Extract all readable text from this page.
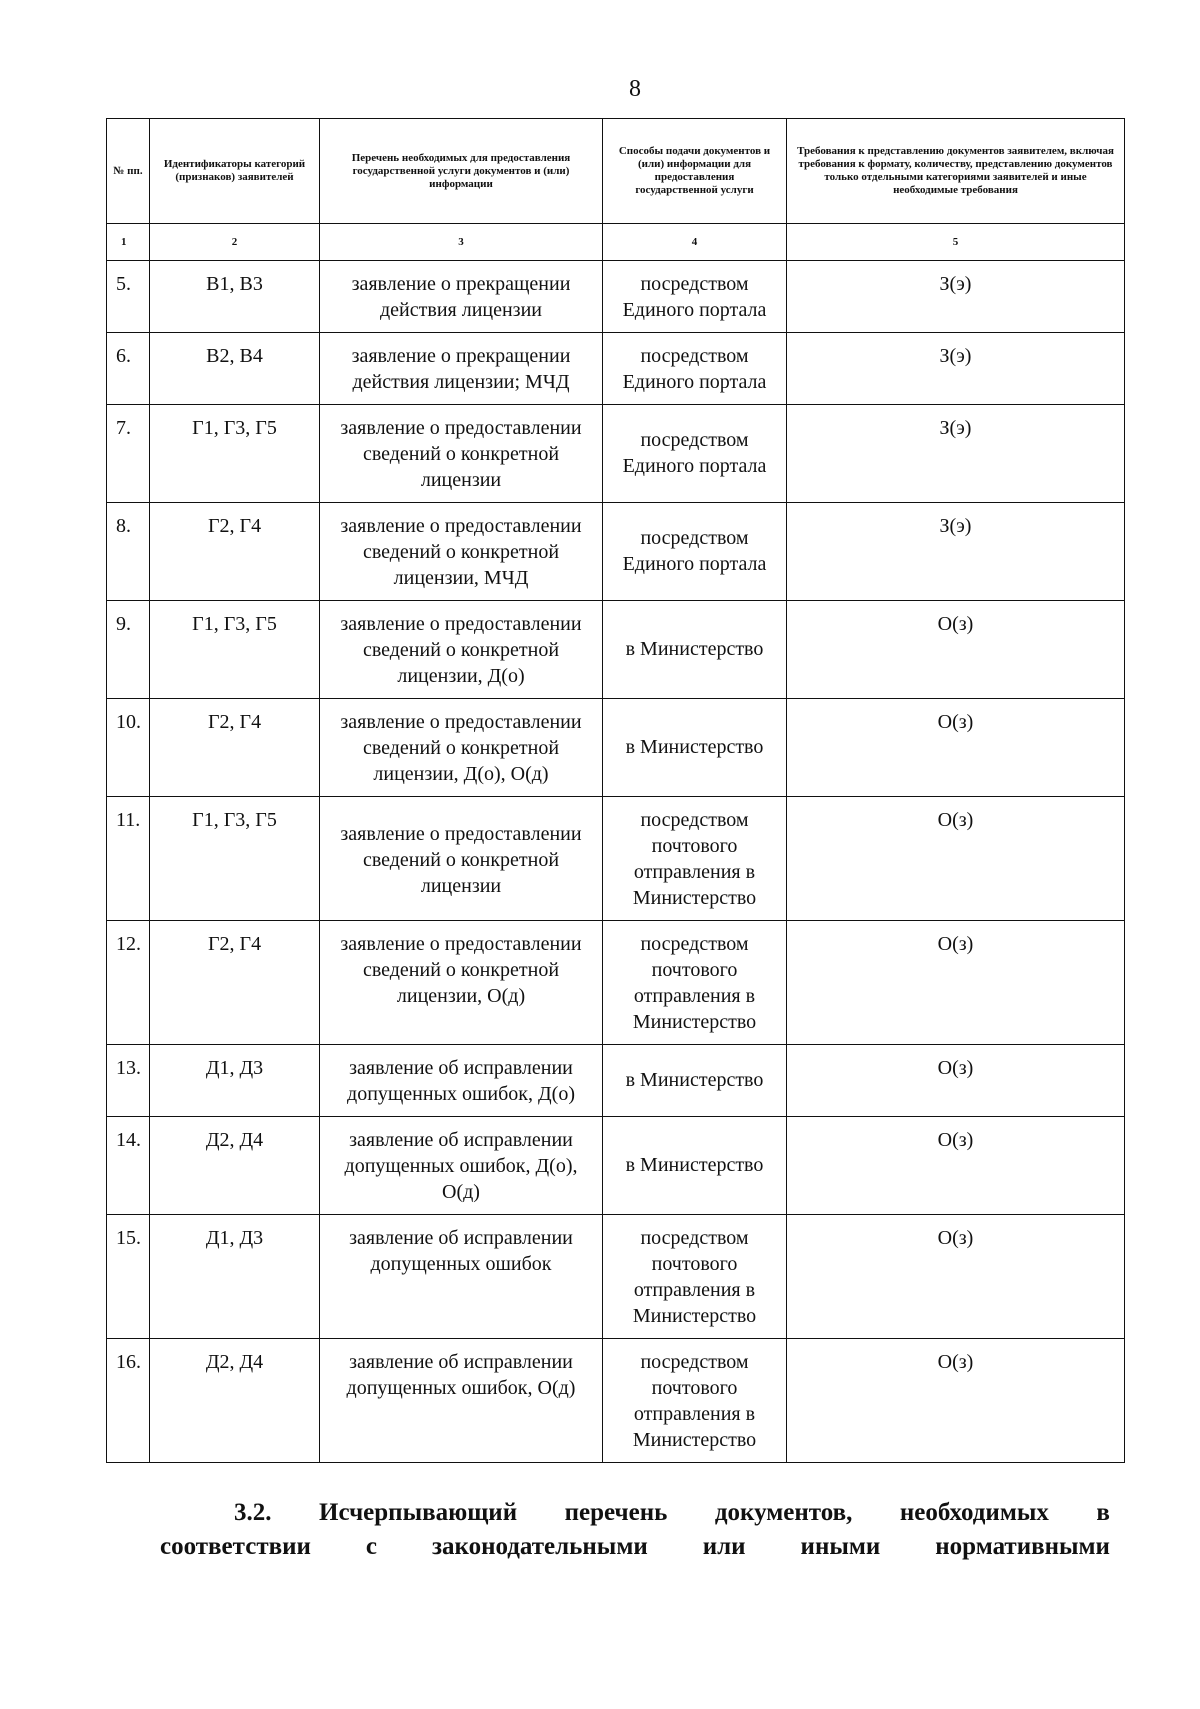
8
№ пп.	Идентификаторы категорий (признаков) заявителей	Перечень необходимых для предоставления государственной услуги документов и (или) информации	Способы подачи документов и (или) информации для предоставления государственной услуги	Требования к представлению документов заявителем, включая требования к формату, количеству, представлению документов только отдельными категориями заявителей и иные необходимые требования
1	2	3	4	5
5.	В1, В3	заявление о прекращении действия лицензии	посредством Единого портала	З(э)
6.	В2, В4	заявление о прекращении действия лицензии; МЧД	посредством Единого портала	З(э)
7.	Г1, Г3, Г5	заявление о предоставлении сведений о конкретной лицензии	посредством Единого портала	З(э)
8.	Г2, Г4	заявление о предоставлении сведений о конкретной лицензии, МЧД	посредством Единого портала	З(э)
9.	Г1, Г3, Г5	заявление о предоставлении сведений о конкретной лицензии, Д(о)	в Министерство	О(з)
10.	Г2, Г4	заявление о предоставлении сведений о конкретной лицензии, Д(о), О(д)	в Министерство	О(з)
11.	Г1, Г3, Г5	заявление о предоставлении сведений о конкретной лицензии	посредством почтового отправления в Министерство	О(з)
12.	Г2, Г4	заявление о предоставлении сведений о конкретной лицензии, О(д)	посредством почтового отправления в Министерство	О(з)
13.	Д1, Д3	заявление об исправлении допущенных ошибок, Д(о)	в Министерство	О(з)
14.	Д2, Д4	заявление об исправлении допущенных ошибок, Д(о), О(д)	в Министерство	О(з)
15.	Д1, Д3	заявление об исправлении допущенных ошибок	посредством почтового отправления в Министерство	О(з)
16.	Д2, Д4	заявление об исправлении допущенных ошибок, О(д)	посредством почтового отправления в Министерство	О(з)
3.2. Исчерпывающий перечень документов, необходимых в
соответствии с законодательными или иными нормативными
